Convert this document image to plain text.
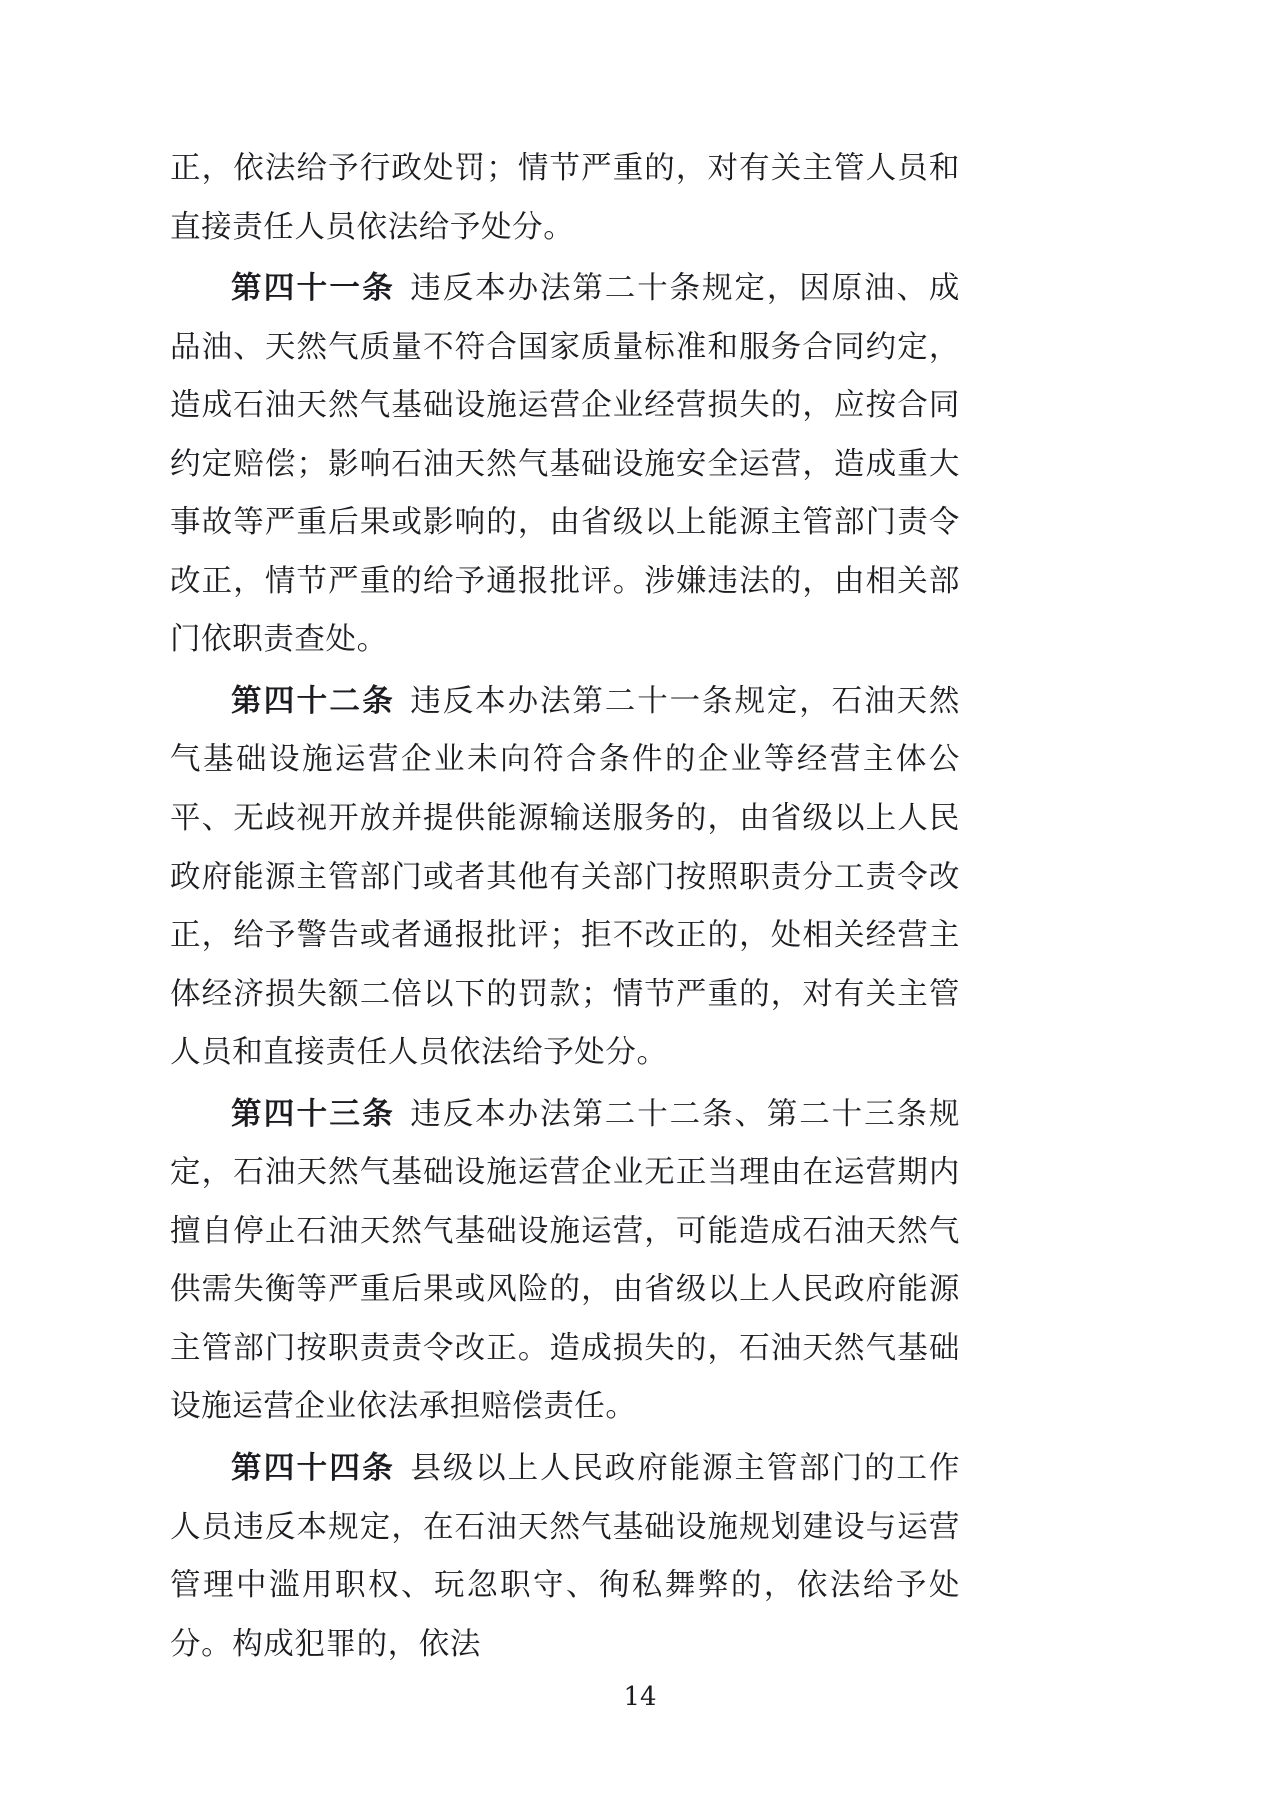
正，依法给予行政处罚；情节严重的，对有关主管人员和直接责任人员依法给予处分。

第四十一条 违反本办法第二十条规定，因原油、成品油、天然气质量不符合国家质量标准和服务合同约定，造成石油天然气基础设施运营企业经营损失的，应按合同约定赔偿；影响石油天然气基础设施安全运营，造成重大事故等严重后果或影响的，由省级以上能源主管部门责令改正，情节严重的给予通报批评。涉嫌违法的，由相关部门依职责查处。

第四十二条 违反本办法第二十一条规定，石油天然气基础设施运营企业未向符合条件的企业等经营主体公平、无歧视开放并提供能源输送服务的，由省级以上人民政府能源主管部门或者其他有关部门按照职责分工责令改正，给予警告或者通报批评；拒不改正的，处相关经营主体经济损失额二倍以下的罚款；情节严重的，对有关主管人员和直接责任人员依法给予处分。

第四十三条 违反本办法第二十二条、第二十三条规定，石油天然气基础设施运营企业无正当理由在运营期内擅自停止石油天然气基础设施运营，可能造成石油天然气供需失衡等严重后果或风险的，由省级以上人民政府能源主管部门按职责责令改正。造成损失的，石油天然气基础设施运营企业依法承担赔偿责任。

第四十四条 县级以上人民政府能源主管部门的工作人员违反本规定，在石油天然气基础设施规划建设与运营管理中滥用职权、玩忽职守、徇私舞弊的，依法给予处分。构成犯罪的，依法

14
